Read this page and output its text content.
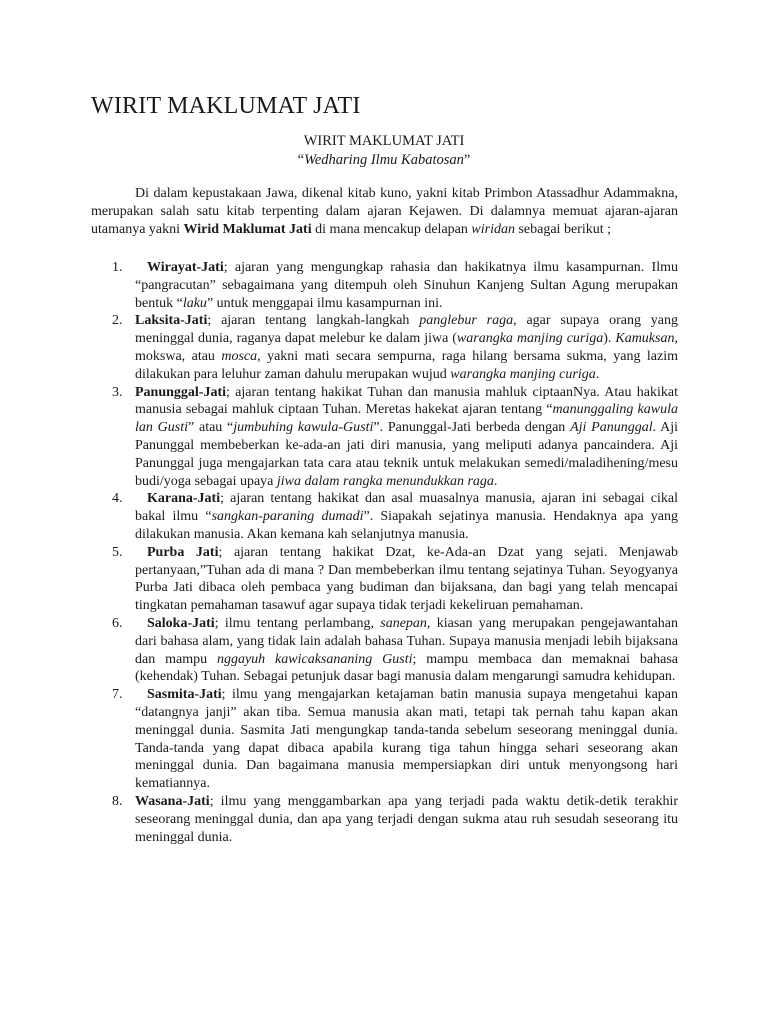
WIRIT MAKLUMAT JATI

WIRIT MAKLUMAT JATI

“Wedharing Ilmu Kabatosan”

Di dalam kepustakaan Jawa, dikenal kitab kuno, yakni kitab Primbon Atassadhur Adammakna, merupakan salah satu kitab terpenting dalam ajaran Kejawen. Di dalamnya memuat ajaran-ajaran utamanya yakni Wirid Maklumat Jati di mana mencakup delapan wiridan sebagai berikut ;

1. Wirayat-Jati; ajaran yang mengungkap rahasia dan hakikatnya ilmu kasampurnan. Ilmu “pangracutan” sebagaimana yang ditempuh oleh Sinuhun Kanjeng Sultan Agung merupakan bentuk “laku” untuk menggapai ilmu kasampurnan ini.
2. Laksita-Jati; ajaran tentang langkah-langkah panglebur raga, agar supaya orang yang meninggal dunia, raganya dapat melebur ke dalam jiwa (warangka manjing curiga). Kamuksan, mokswa, atau mosca, yakni mati secara sempurna, raga hilang bersama sukma, yang lazim dilakukan para leluhur zaman dahulu merupakan wujud warangka manjing curiga.
3. Panunggal-Jati; ajaran tentang hakikat Tuhan dan manusia mahluk ciptaanNya. Atau hakikat manusia sebagai mahluk ciptaan Tuhan. Meretas hakekat ajaran tentang “manunggaling kawula lan Gusti” atau “jumbuhing kawula-Gusti”. Panunggal-Jati berbeda dengan Aji Panunggal. Aji Panunggal membeberkan ke-ada-an jati diri manusia, yang meliputi adanya pancaindera. Aji Panunggal juga mengajarkan tata cara atau teknik untuk melakukan semedi/maladihening/mesu budi/yoga sebagai upaya jiwa dalam rangka menundukkan raga.
4. Karana-Jati; ajaran tentang hakikat dan asal muasalnya manusia, ajaran ini sebagai cikal bakal ilmu “sangkan-paraning dumadi”. Siapakah sejatinya manusia. Hendaknya apa yang dilakukan manusia. Akan kemana kah selanjutnya manusia.
5. Purba Jati; ajaran tentang hakikat Dzat, ke-Ada-an Dzat yang sejati. Menjawab pertanyaan,”Tuhan ada di mana ? Dan membeberkan ilmu tentang sejatinya Tuhan. Seyogyanya Purba Jati dibaca oleh pembaca yang budiman dan bijaksana, dan bagi yang telah mencapai tingkatan pemahaman tasawuf agar supaya tidak terjadi kekeliruan pemahaman.
6. Saloka-Jati; ilmu tentang perlambang, sanepan, kiasan yang merupakan pengejawantahan dari bahasa alam, yang tidak lain adalah bahasa Tuhan. Supaya manusia menjadi lebih bijaksana dan mampu nggayuh kawicaksananing Gusti; mampu membaca dan memaknai bahasa (kehendak) Tuhan. Sebagai petunjuk dasar bagi manusia dalam mengarungi samudra kehidupan.
7. Sasmita-Jati; ilmu yang mengajarkan ketajaman batin manusia supaya mengetahui kapan “datangnya janji” akan tiba. Semua manusia akan mati, tetapi tak pernah tahu kapan akan meninggal dunia. Sasmita Jati mengungkap tanda-tanda sebelum seseorang meninggal dunia. Tanda-tanda yang dapat dibaca apabila kurang tiga tahun hingga sehari seseorang akan meninggal dunia. Dan bagaimana manusia mempersiapkan diri untuk menyongsong hari kematiannya.
8. Wasana-Jati; ilmu yang menggambarkan apa yang terjadi pada waktu detik-detik terakhir seseorang meninggal dunia, dan apa yang terjadi dengan sukma atau ruh sesudah seseorang itu meninggal dunia.
